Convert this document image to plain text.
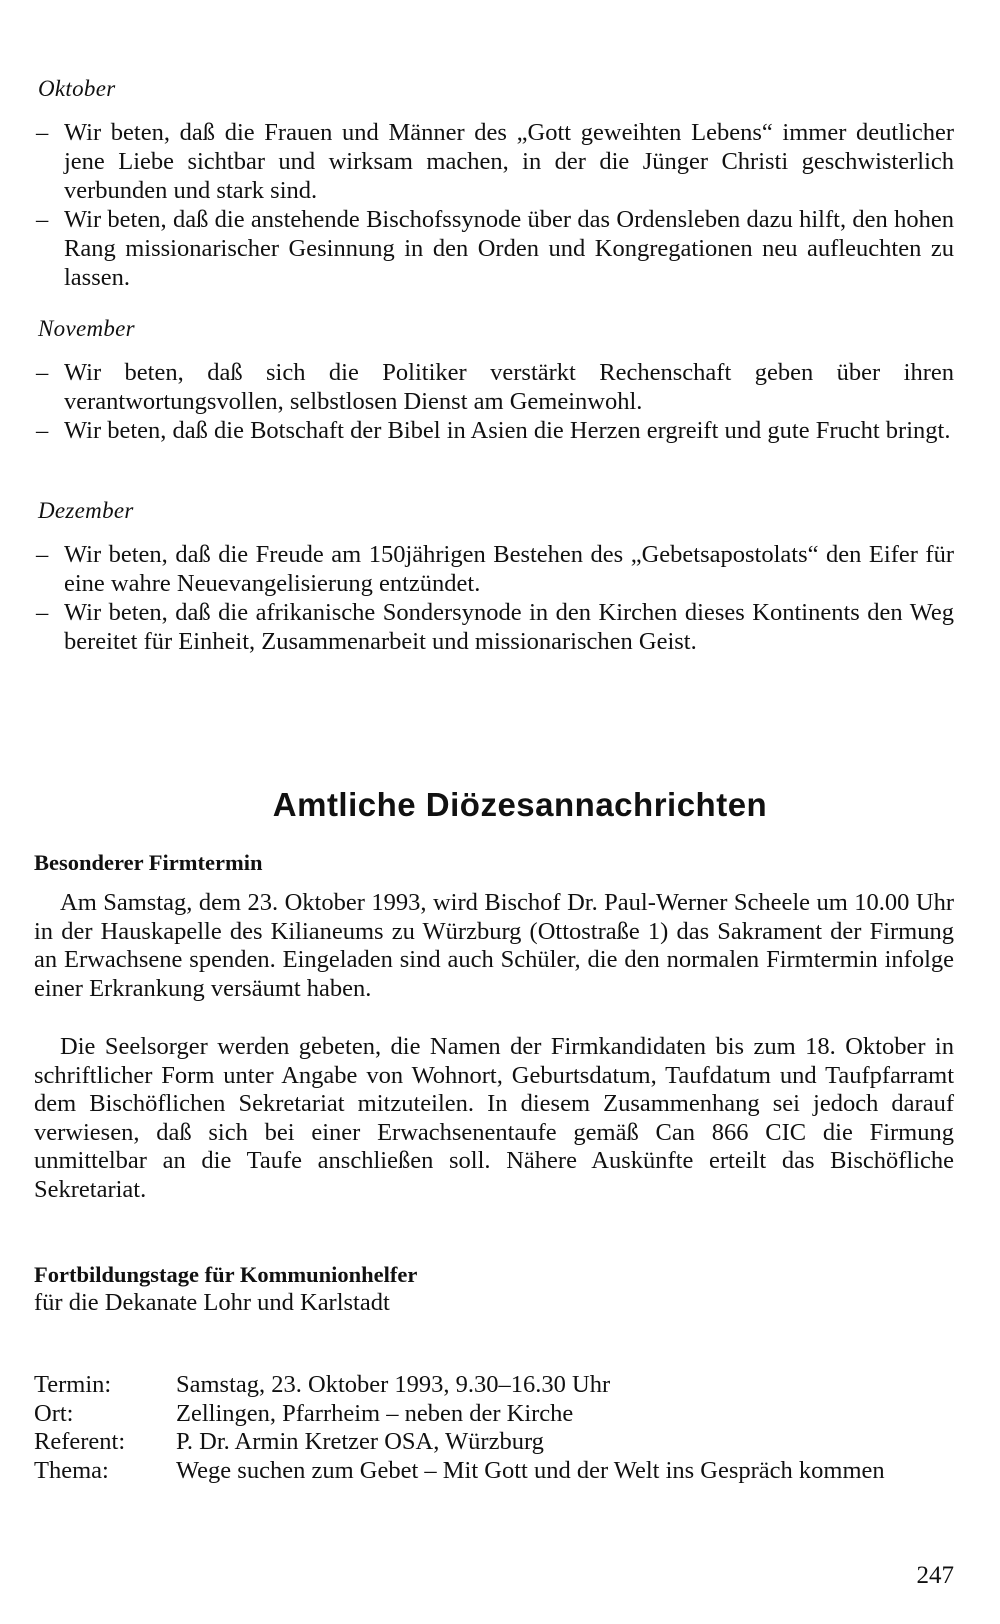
Oktober
– Wir beten, daß die Frauen und Männer des „Gott geweihten Lebens“ immer deutlicher jene Liebe sichtbar und wirksam machen, in der die Jünger Christi geschwisterlich verbunden und stark sind.
– Wir beten, daß die anstehende Bischofssynode über das Ordensleben dazu hilft, den hohen Rang missionarischer Gesinnung in den Orden und Kongregationen neu aufleuchten zu lassen.
November
– Wir beten, daß sich die Politiker verstärkt Rechenschaft geben über ihren verantwortungsvollen, selbstlosen Dienst am Gemeinwohl.
– Wir beten, daß die Botschaft der Bibel in Asien die Herzen ergreift und gute Frucht bringt.
Dezember
– Wir beten, daß die Freude am 150jährigen Bestehen des „Gebetsapostolats“ den Eifer für eine wahre Neuevangelisierung entzündet.
– Wir beten, daß die afrikanische Sondersynode in den Kirchen dieses Kontinents den Weg bereitet für Einheit, Zusammenarbeit und missionarischen Geist.
Amtliche Diözesannachrichten
Besonderer Firmtermin
Am Samstag, dem 23. Oktober 1993, wird Bischof Dr. Paul-Werner Scheele um 10.00 Uhr in der Hauskapelle des Kilianeums zu Würzburg (Ottostraße 1) das Sakrament der Firmung an Erwachsene spenden. Eingeladen sind auch Schüler, die den normalen Firmtermin infolge einer Erkrankung versäumt haben.
Die Seelsorger werden gebeten, die Namen der Firmkandidaten bis zum 18. Oktober in schriftlicher Form unter Angabe von Wohnort, Geburtsdatum, Taufdatum und Taufpfarramt dem Bischöflichen Sekretariat mitzuteilen. In diesem Zusammenhang sei jedoch darauf verwiesen, daß sich bei einer Erwachsenentaufe gemäß Can 866 CIC die Firmung unmittelbar an die Taufe anschließen soll. Nähere Auskünfte erteilt das Bischöfliche Sekretariat.
Fortbildungstage für Kommunionhelfer
für die Dekanate Lohr und Karlstadt
Termin:	Samstag, 23. Oktober 1993, 9.30–16.30 Uhr
Ort:	Zellingen, Pfarrheim – neben der Kirche
Referent:	P. Dr. Armin Kretzer OSA, Würzburg
Thema:	Wege suchen zum Gebet – Mit Gott und der Welt ins Gespräch kommen
247
